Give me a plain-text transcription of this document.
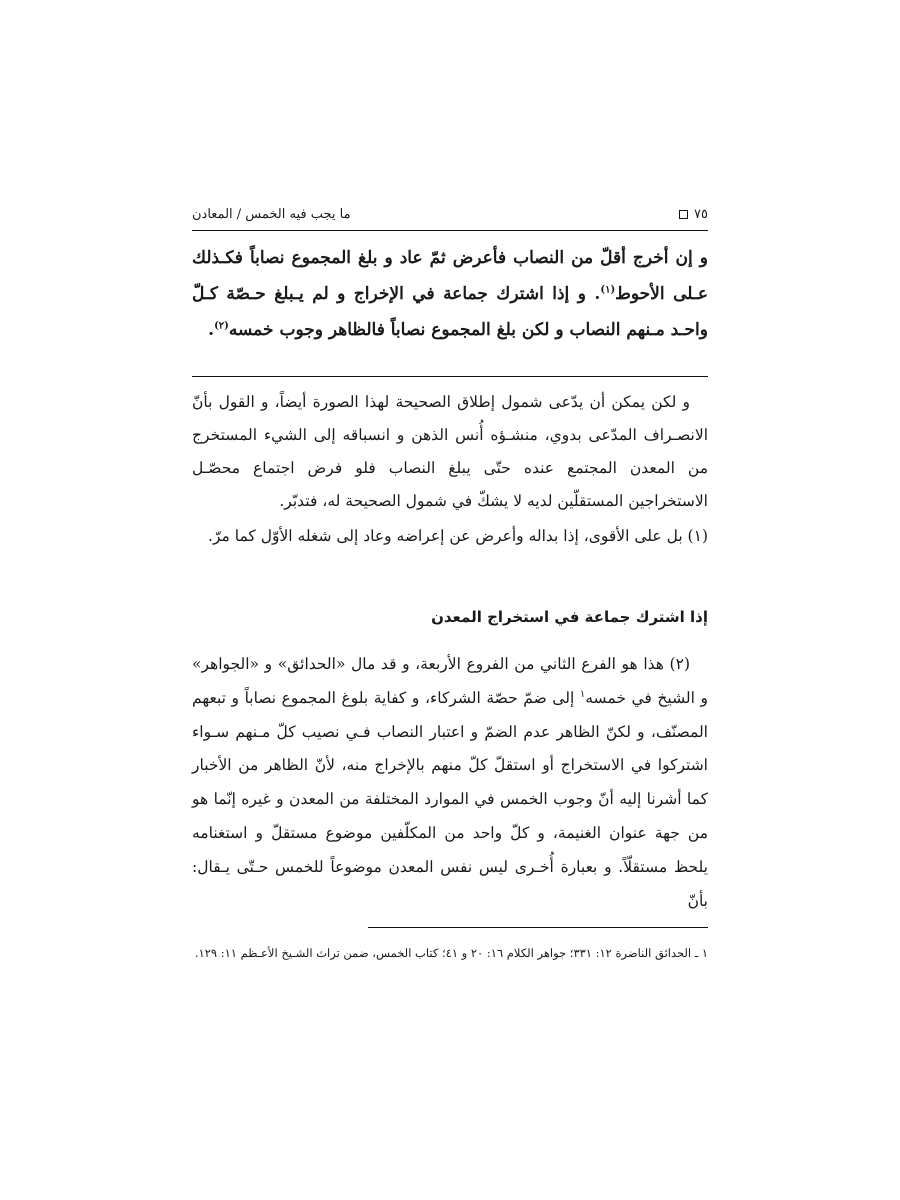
ما يجب فيه الخمس / المعادن	٧٥
و إن أخرج أقلّ من النصاب فأعرض ثمّ عاد و بلغ المجموع نصاباً فكـذلك عـلى الأحوط$^{(١)}$. و إذا اشترك جماعة في الإخراج و لم يـبلغ حـصّة كـلّ واحـد مـنهم النصاب و لكن بلغ المجموع نصاباً فالظاهر وجوب خمسه$^{(٢)}$.

و لكن يمكن أن يدّعى شمول إطلاق الصحيحة لهذا الصورة أيضاً، و القول بأنّ الانصـراف المدّعى بدوي، منشـؤه أُنس الذهن و انسباقه إلى الشيء المستخرج من المعدن المجتمع عنده حتّى يبلغ النصاب فلو فرض اجتماع محصّـل الاستخراجين المستقلّين لديه لا يشكّ في شمول الصحيحة له، فتدبّر.

(١) بل على الأقوى، إذا بداله وأعرض عن إعراضه وعاد إلى شغله الأوّل كما مرّ.

إذا اشترك جماعة في استخراج المعدن

(٢) هذا هو الفرع الثاني من الفروع الأربعة، و قد مال «الحدائق» و «الجواهر» و الشيخ في خمسه$^١$ إلى ضمّ حصّة الشركاء، و كفاية بلوغ المجموع نصاباً و تبعهم المصنّف، و لكنّ الظاهر عدم الضمّ و اعتبار النصاب فـي نصيب كلّ مـنهم سـواء اشتركوا في الاستخراج أو استقلّ كلّ منهم بالإخراج منه، لأنّ الظاهر من الأخبار كما أشرنا إليه أنّ وجوب الخمس في الموارد المختلفة من المعدن و غيره إنّما هو من جهة عنوان الغنيمة، و كلّ واحد من المكلّفين موضوع مستقلّ و استغنامه يلحظ مستقلّاً. و بعبارة أُخـرى ليس نفس المعدن موضوعاً للخمس حـتّى يـقال: بأنّ

١ ـ الحدائق الناضرة ١٢: ٣٣١؛ جواهر الكلام ١٦: ٢٠ و ٤١؛ كتاب الخمس، ضمن تراث الشـيخ الأعـظم ١١: ١٢٩.
